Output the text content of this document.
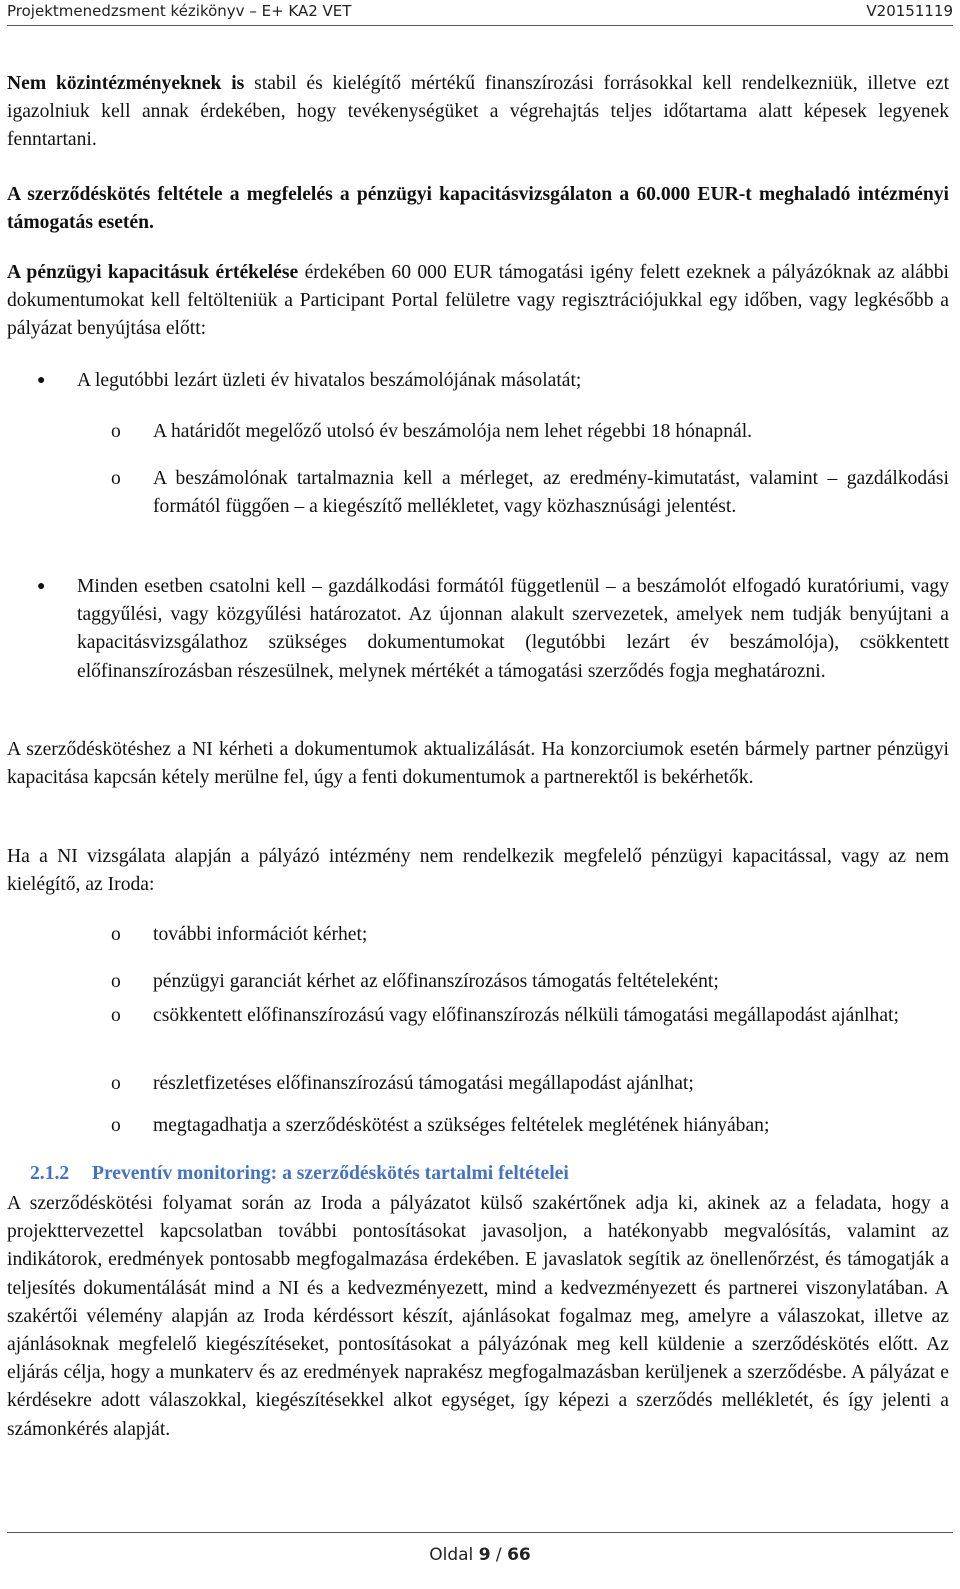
Projektmenedzsment kézikönyv – E+ KA2 VET	V20151119

Nem közintézményeknek is stabil és kielégítő mértékű finanszírozási forrásokkal kell rendelkezniük, illetve ezt igazolniuk kell annak érdekében, hogy tevékenységüket a végrehajtás teljes időtartama alatt képesek legyenek fenntartani.

A szerződéskötés feltétele a megfelelés a pénzügyi kapacitásvizsgálaton a 60.000 EUR-t meghaladó intézményi támogatás esetén.

A pénzügyi kapacitásuk értékelése érdekében 60 000 EUR támogatási igény felett ezeknek a pályázóknak az alábbi dokumentumokat kell feltölteniük a Participant Portal felületre vagy regisztrációjukkal egy időben, vagy legkésőbb a pályázat benyújtása előtt:

● A legutóbbi lezárt üzleti év hivatalos beszámolójának másolatát;

o A határidőt megelőző utolsó év beszámolója nem lehet régebbi 18 hónapnál.

o A beszámolónak tartalmaznia kell a mérleget, az eredmény-kimutatást, valamint – gazdálkodási formától függően – a kiegészítő mellékletet, vagy közhasznúsági jelentést.

● Minden esetben csatolni kell – gazdálkodási formától függetlenül – a beszámolót elfogadó kuratóriumi, vagy taggyűlési, vagy közgyűlési határozatot. Az újonnan alakult szervezetek, amelyek nem tudják benyújtani a kapacitásvizsgálathoz szükséges dokumentumokat (legutóbbi lezárt év beszámolója), csökkentett előfinanszírozásban részesülnek, melynek mértékét a támogatási szerződés fogja meghatározni.

A szerződéskötéshez a NI kérheti a dokumentumok aktualizálását. Ha konzorciumok esetén bármely partner pénzügyi kapacitása kapcsán kétely merülne fel, úgy a fenti dokumentumok a partnerektől is bekérhetők.

Ha a NI vizsgálata alapján a pályázó intézmény nem rendelkezik megfelelő pénzügyi kapacitással, vagy az nem kielégítő, az Iroda:

o további információt kérhet;

o pénzügyi garanciát kérhet az előfinanszírozásos támogatás feltételeként;

o csökkentett előfinanszírozású vagy előfinanszírozás nélküli támogatási megállapodást ajánlhat;

o részletfizetéses előfinanszírozású támogatási megállapodást ajánlhat;

o megtagadhatja a szerződéskötést a szükséges feltételek meglétének hiányában;

2.1.2 Preventív monitoring: a szerződéskötés tartalmi feltételei

A szerződéskötési folyamat során az Iroda a pályázatot külső szakértőnek adja ki, akinek az a feladata, hogy a projekttervezettel kapcsolatban további pontosításokat javasoljon, a hatékonyabb megvalósítás, valamint az indikátorok, eredmények pontosabb megfogalmazása érdekében. E javaslatok segítik az önellenőrzést, és támogatják a teljesítés dokumentálását mind a NI és a kedvezményezett, mind a kedvezményezett és partnerei viszonylatában. A szakértői vélemény alapján az Iroda kérdéssort készít, ajánlásokat fogalmaz meg, amelyre a válaszokat, illetve az ajánlásoknak megfelelő kiegészítéseket, pontosításokat a pályázónak meg kell küldenie a szerződéskötés előtt. Az eljárás célja, hogy a munkaterv és az eredmények naprakész megfogalmazásban kerüljenek a szerződésbe. A pályázat e kérdésekre adott válaszokkal, kiegészítésekkel alkot egységet, így képezi a szerződés mellékletét, és így jelenti a számonkérés alapját.

Oldal 9 / 66
